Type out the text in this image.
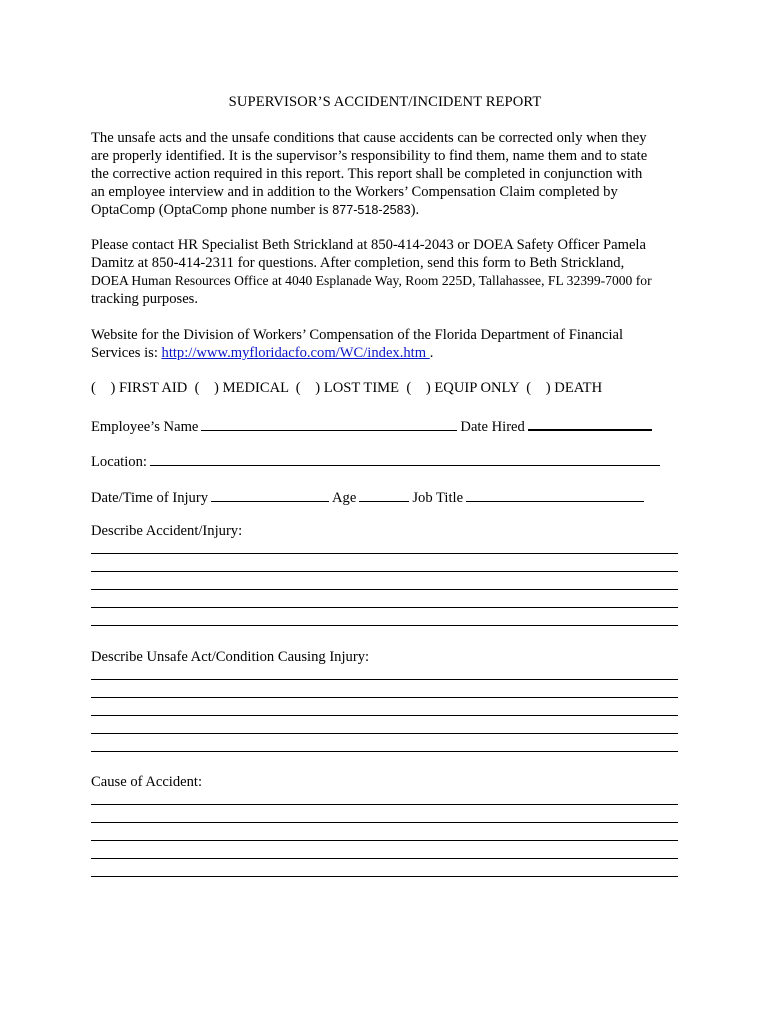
SUPERVISOR’S ACCIDENT/INCIDENT REPORT
The unsafe acts and the unsafe conditions that cause accidents can be corrected only when they
are properly identified. It is the supervisor’s responsibility to find them, name them and to state
the corrective action required in this report. This report shall be completed in conjunction with
an employee interview and in addition to the Workers’ Compensation Claim completed by
OptaComp (OptaComp phone number is 877-518-2583).
Please contact HR Specialist Beth Strickland at 850-414-2043 or DOEA Safety Officer Pamela
Damitz at 850-414-2311 for questions. After completion, send this form to Beth Strickland,
DOEA Human Resources Office at 4040 Esplanade Way, Room 225D, Tallahassee, FL 32399-7000 for
tracking purposes.
Website for the Division of Workers’ Compensation of the Florida Department of Financial
Services is: http://www.myfloridacfo.com/WC/index.htm .
( ) FIRST AID ( ) MEDICAL ( ) LOST TIME ( ) EQUIP ONLY ( ) DEATH
Employee’s Name	Date Hired
Location:
Date/Time of Injury	Age	Job Title
Describe Accident/Injury:
Describe Unsafe Act/Condition Causing Injury:
Cause of Accident:
